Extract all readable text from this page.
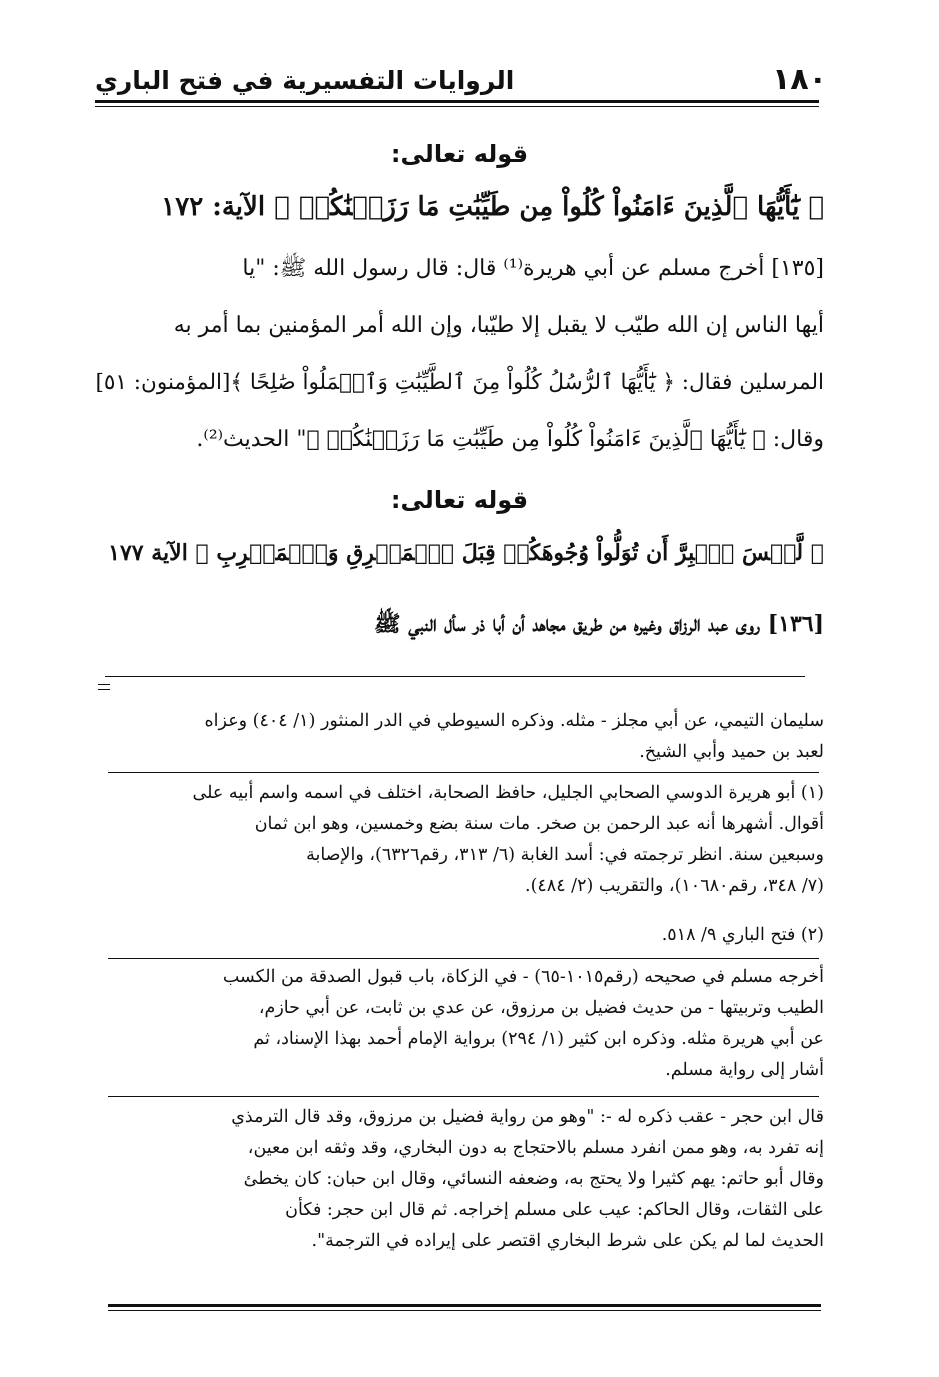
١٨٠
الروايات التفسيرية في فتح الباري
قوله تعالى:
﴿ يَٰٓأَيُّهَا ٱلَّذِينَ ءَامَنُواْ كُلُواْ مِن طَيِّبَٰتِ مَا رَزَقۡنَٰكُمۡ ﴾ الآية: ١٧٢
[١٣٥] أخرج مسلم عن أبي هريرة⁽¹⁾ قال: قال رسول الله ﷺ: "يا
أيها الناس إن الله طيّب لا يقبل إلا طيّبا، وإن الله أمر المؤمنين بما أمر به
المرسلين فقال: ﴿ يَٰٓأَيُّهَا ٱلرُّسُلُ كُلُواْ مِنَ ٱلطَّيِّبَٰتِ وَٱعۡمَلُواْ صَٰلِحًا ﴾[المؤمنون: ٥١]
وقال: ﴿ يَٰٓأَيُّهَا ٱلَّذِينَ ءَامَنُواْ كُلُواْ مِن طَيِّبَٰتِ مَا رَزَقۡنَٰكُمۡ ﴾" الحديث⁽²⁾.
قوله تعالى:
﴿ لَّيۡسَ ٱلۡبِرَّ أَن تُوَلُّواْ وُجُوهَكُمۡ قِبَلَ ٱلۡمَشۡرِقِ وَٱلۡمَغۡرِبِ ﴾ الآية ١٧٧
[١٣٦] روى عبد الرزاق وغيره من طريق مجاهد أن أبا ذر سأل النبي ﷺ
سليمان التيمي، عن أبي مجلز - مثله. وذكره السيوطي في الدر المنثور (١/ ٤٠٤) وعزاه
لعبد بن حميد وأبي الشيخ.
(١) أبو هريرة الدوسي الصحابي الجليل، حافظ الصحابة، اختلف في اسمه واسم أبيه على
أقوال. أشهرها أنه عبد الرحمن بن صخر. مات سنة بضع وخمسين، وهو ابن ثمان
وسبعين سنة. انظر ترجمته في: أسد الغابة (٦/ ٣١٣، رقم٦٣٢٦)، والإصابة
(٧/ ٣٤٨، رقم١٠٦٨٠)، والتقريب (٢/ ٤٨٤).
(٢) فتح الباري ٩/ ٥١٨.
أخرجه مسلم في صحيحه (رقم١٠١٥-٦٥) - في الزكاة، باب قبول الصدقة من الكسب
الطيب وتربيتها - من حديث فضيل بن مرزوق، عن عدي بن ثابت، عن أبي حازم،
عن أبي هريرة مثله. وذكره ابن كثير (١/ ٢٩٤) برواية الإمام أحمد بهذا الإسناد، ثم
أشار إلى رواية مسلم.
قال ابن حجر - عقب ذكره له -: "وهو من رواية فضيل بن مرزوق، وقد قال الترمذي
إنه تفرد به، وهو ممن انفرد مسلم بالاحتجاج به دون البخاري، وقد وثقه ابن معين،
وقال أبو حاتم: يهم كثيرا ولا يحتج به، وضعفه النسائي، وقال ابن حبان: كان يخطئ
على الثقات، وقال الحاكم: عيب على مسلم إخراجه. ثم قال ابن حجر: فكأن
الحديث لما لم يكن على شرط البخاري اقتصر على إيراده في الترجمة".
